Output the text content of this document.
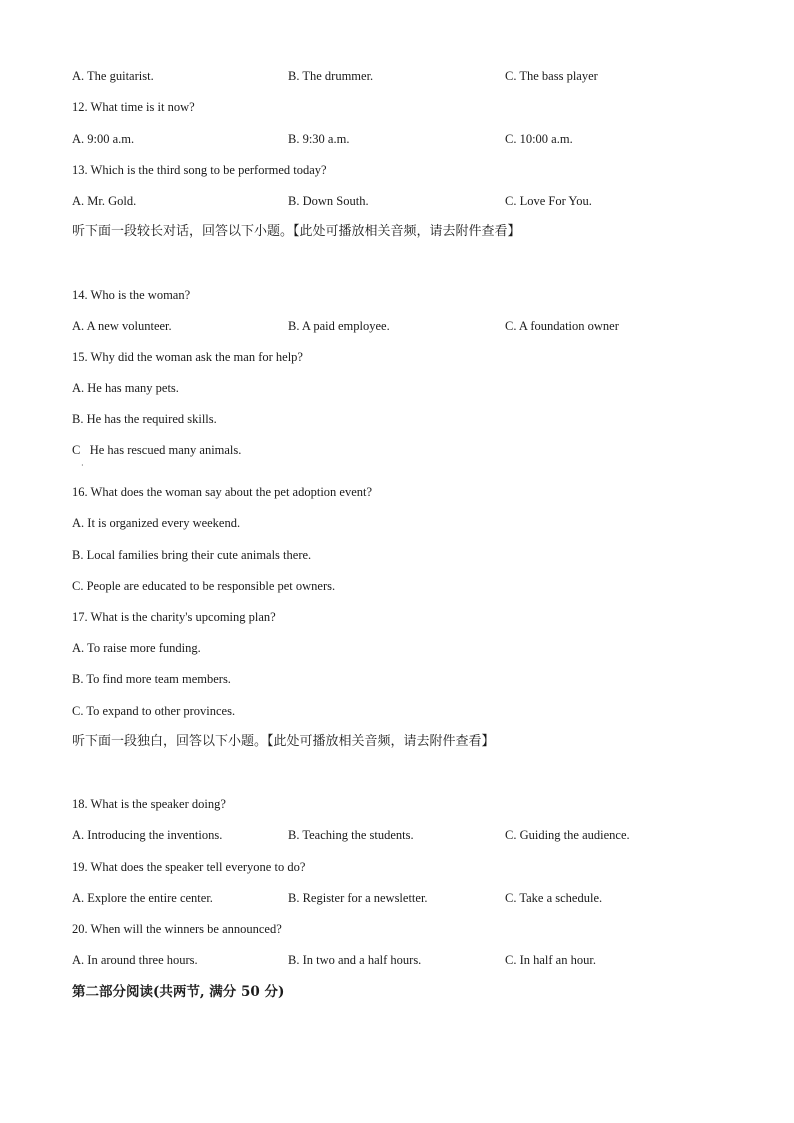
A. The guitarist.	B. The drummer.	C. The bass player
12. What time is it now?
A. 9:00 a.m.	B. 9:30 a.m.	C. 10:00 a.m.
13. Which is the third song to be performed today?
A. Mr. Gold.	B. Down South.	C. Love For You.
听下面一段较长对话，回答以下小题。【此处可播放相关音频，请去附件查看】
14. Who is the woman?
A. A new volunteer.	B. A paid employee.	C. A foundation owner
15. Why did the woman ask the man for help?
A. He has many pets.
B. He has the required skills.
C   He has rescued many animals.
·
16. What does the woman say about the pet adoption event?
A. It is organized every weekend.
B. Local families bring their cute animals there.
C. People are educated to be responsible pet owners.
17. What is the charity's upcoming plan?
A. To raise more funding.
B. To find more team members.
C. To expand to other provinces.
听下面一段独白，回答以下小题。【此处可播放相关音频，请去附件查看】
18. What is the speaker doing?
A. Introducing the inventions.	B. Teaching the students.	C. Guiding the audience.
19. What does the speaker tell everyone to do?
A. Explore the entire center.	B. Register for a newsletter.	C. Take a schedule.
20. When will the winners be announced?
A. In around three hours.	B. In two and a half hours.	C. In half an hour.
第二部分阅读(共两节, 满分 50 分)
